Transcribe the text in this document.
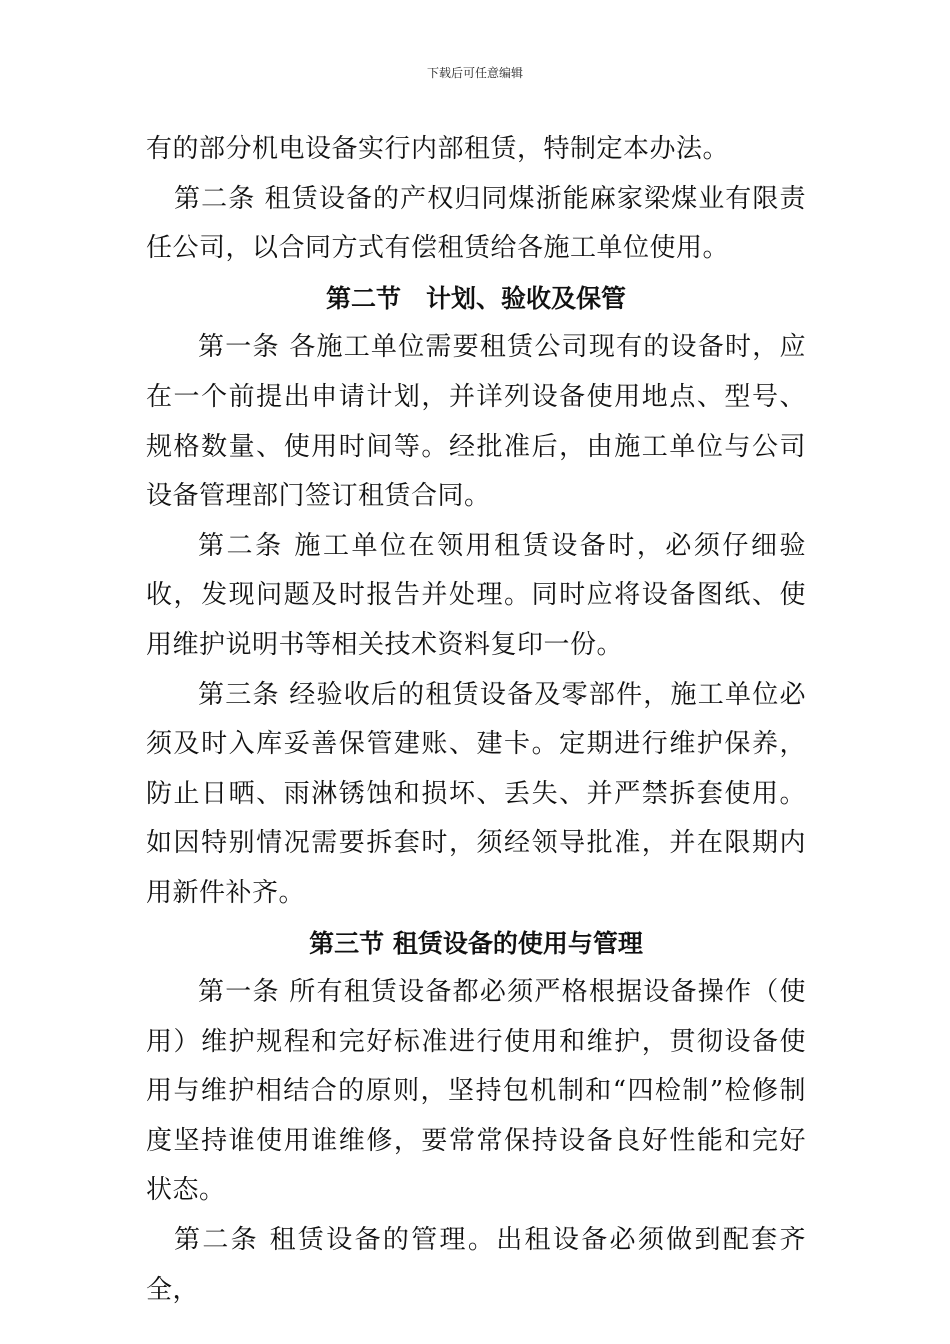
下载后可任意编辑

有的部分机电设备实行内部租赁，特制定本办法。

第二条 租赁设备的产权归同煤浙能麻家梁煤业有限责任公司，以合同方式有偿租赁给各施工单位使用。

第二节　计划、验收及保管

第一条 各施工单位需要租赁公司现有的设备时，应在一个前提出申请计划，并详列设备使用地点、型号、规格数量、使用时间等。经批准后，由施工单位与公司设备管理部门签订租赁合同。

第二条 施工单位在领用租赁设备时，必须仔细验收，发现问题及时报告并处理。同时应将设备图纸、使用维护说明书等相关技术资料复印一份。

第三条 经验收后的租赁设备及零部件，施工单位必须及时入库妥善保管建账、建卡。定期进行维护保养，防止日晒、雨淋锈蚀和损坏、丢失、并严禁拆套使用。如因特别情况需要拆套时，须经领导批准，并在限期内用新件补齐。

第三节 租赁设备的使用与管理

第一条 所有租赁设备都必须严格根据设备操作（使用）维护规程和完好标准进行使用和维护，贯彻设备使用与维护相结合的原则，坚持包机制和“四检制”检修制度坚持谁使用谁维修，要常常保持设备良好性能和完好状态。

第二条 租赁设备的管理。出租设备必须做到配套齐全，
